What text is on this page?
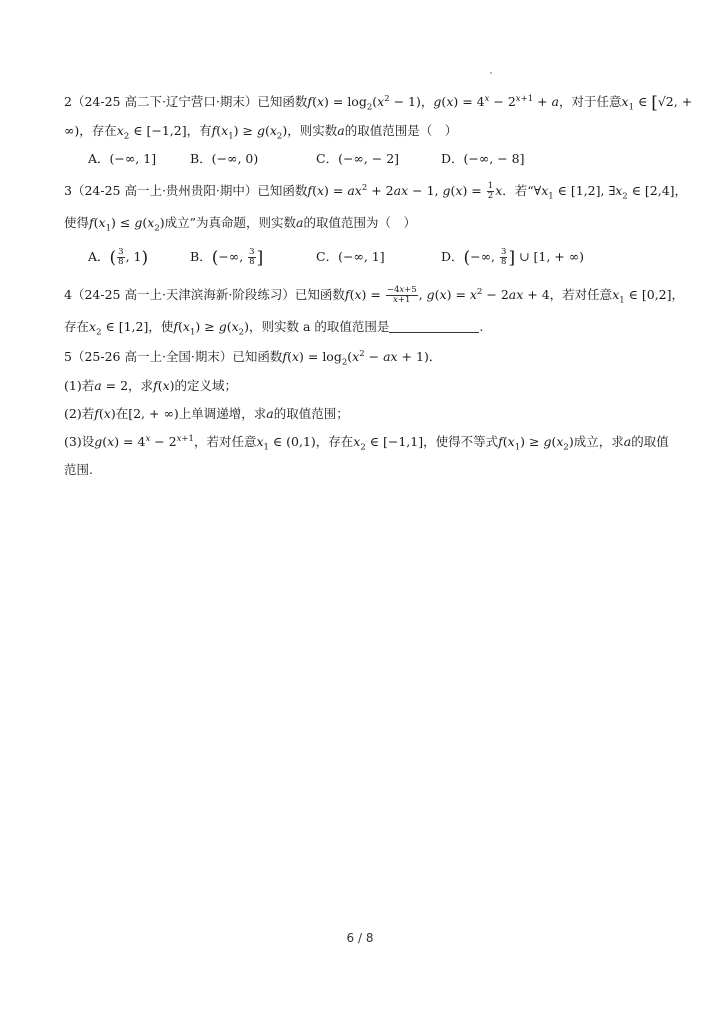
2（24-25 高二下·辽宁营口·期末）已知函数$f(x) = \log_2(x^2 - 1)$，$g(x) = 4^x - 2^{x+1} + a$，对于任意$x_1$ ∈ [√2, +
∞)，存在$x_2$ ∈ [−1,2]，有$f(x_1) \ge g(x_2)$，则实数a的取值范围是（　）
A．(−∞, 1]	B．(−∞, 0)	C．(−∞, − 2]	D．(−∞, − 8]
3（24-25 高一上·贵州贵阳·期中）已知函数$f(x) = ax^2 + 2ax - 1$, $g(x) = \frac{1}{2}$ x．若“$\forall x_1$ ∈ [1,2], $\exists x_2$ ∈ [2,4]，
使得$f(x_1) \le g(x_2)$成立”为真命题，则实数a的取值范围为（　）
A．( $\frac{3}{8}$ , 1)	B．(−∞, $\frac{3}{8}$ ]	C．(−∞, 1]	D．(−∞, $\frac{3}{8}$ ] ∪ [1, + ∞)
4（24-25 高一上·天津滨海新·阶段练习）已知函数$f(x) = \frac{-4x+5}{x+1}$ , $g(x) = x^2 - 2ax + 4$，若对任意$x_1$ ∈ [0,2]，
存在$x_2$ ∈ [1,2]，使$f(x_1) \ge g(x_2)$，则实数 a 的取值范围是	.
5（25-26 高一上·全国·期末）已知函数$f(x) = \log_2(x^2$ − ax + 1)．
(1)若a = 2，求f(x)的定义域；
(2)若f(x)在[2, + ∞)上单调递增，求a的取值范围；
(3)设$g(x) = 4^x - 2^{x+1}$，若对任意$x_1$ ∈ (0,1)，存在$x_2$ ∈ [−1,1]，使得不等式$f(x_1) \ge g(x_2)$成立，求a的取值
范围.
6 / 8
